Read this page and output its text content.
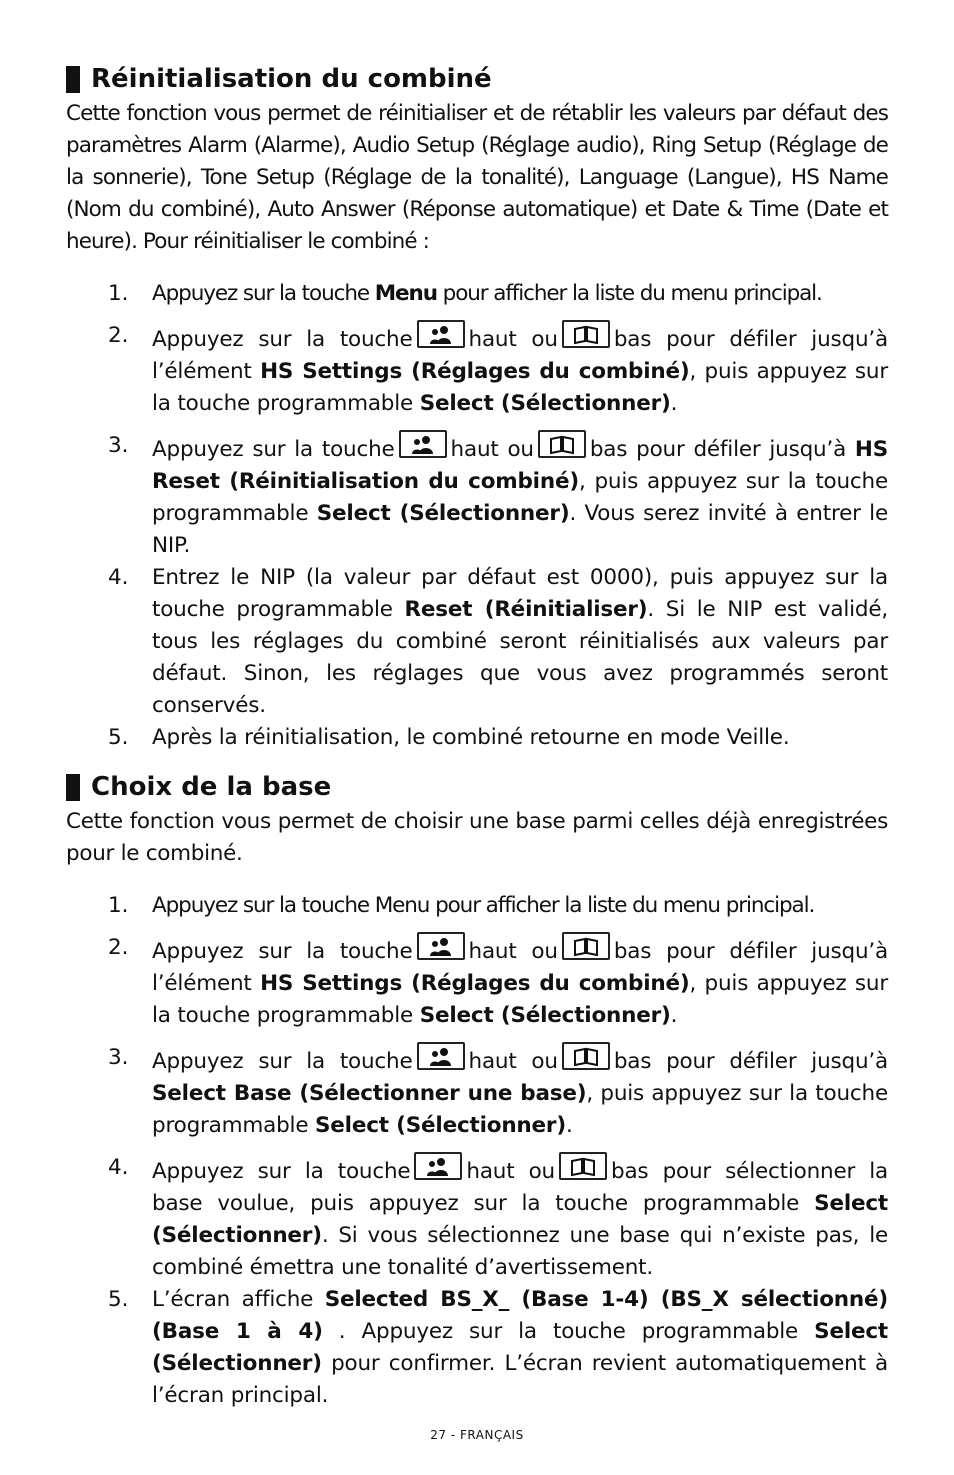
Réinitialisation du combiné

Cette fonction vous permet de réinitialiser et de rétablir les valeurs par défaut des paramètres Alarm (Alarme), Audio Setup (Réglage audio), Ring Setup (Réglage de la sonnerie), Tone Setup (Réglage de la tonalité), Language (Langue), HS Name (Nom du combiné), Auto Answer (Réponse automatique) et Date & Time (Date et heure). Pour réinitialiser le combiné :

1.	Appuyez sur la touche Menu pour afficher la liste du menu principal.
2.	Appuyez sur la touche	haut ou	bas pour défiler jusqu’à l’élément HS Settings (Réglages du combiné), puis appuyez sur la touche programmable Select (Sélectionner).
3.	Appuyez sur la touche	haut ou	bas pour défiler jusqu’à HS Reset (Réinitialisation du combiné), puis appuyez sur la touche programmable Select (Sélectionner). Vous serez invité à entrer le NIP.
4.	Entrez le NIP (la valeur par défaut est 0000), puis appuyez sur la touche programmable Reset (Réinitialiser). Si le NIP est validé, tous les réglages du combiné seront réinitialisés aux valeurs par défaut. Sinon, les réglages que vous avez programmés seront conservés.
5.	Après la réinitialisation, le combiné retourne en mode Veille.
Choix de la base

Cette fonction vous permet de choisir une base parmi celles déjà enregistrées pour le combiné.

1.	Appuyez sur la touche Menu pour afficher la liste du menu principal.
2.	Appuyez sur la touche	haut ou	bas pour défiler jusqu’à l’élément HS Settings (Réglages du combiné), puis appuyez sur la touche programmable Select (Sélectionner).
3.	Appuyez sur la touche	haut ou	bas pour défiler jusqu’à Select Base (Sélectionner une base), puis appuyez sur la touche programmable Select (Sélectionner).
4.	Appuyez sur la touche	haut ou	bas pour sélectionner la base voulue, puis appuyez sur la touche programmable Select (Sélectionner). Si vous sélectionnez une base qui n’existe pas, le combiné émettra une tonalité d’avertissement.
5.	L’écran affiche Selected BS_X_ (Base 1-4) (BS_X sélectionné) (Base 1 à 4) . Appuyez sur la touche programmable Select (Sélectionner) pour confirmer. L’écran revient automatiquement à l’écran principal.
27 - FRANÇAIS
